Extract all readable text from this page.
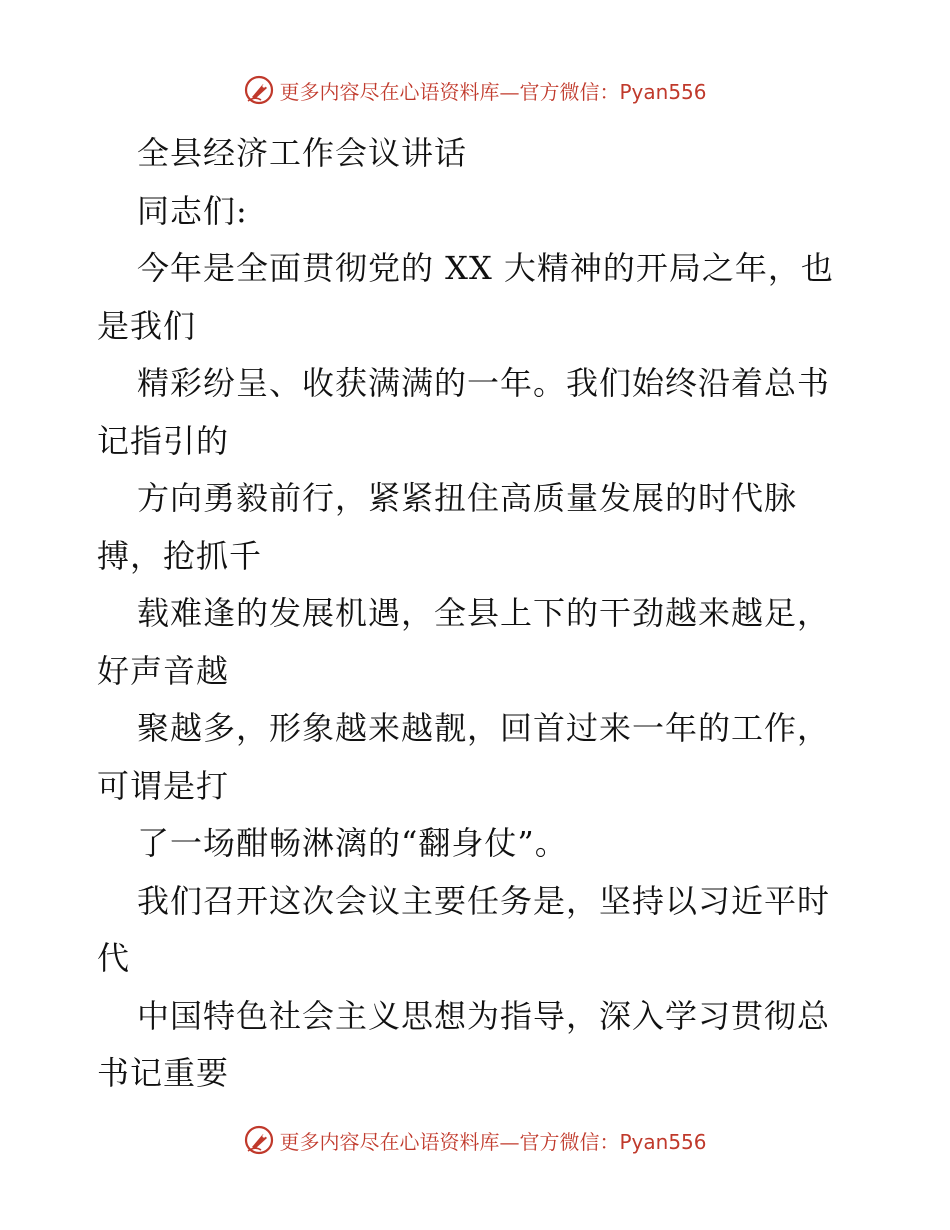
更多内容尽在心语资料库—官方微信：Pyan556
全县经济工作会议讲话
同志们:
今年是全面贯彻党的 XX 大精神的开局之年，也
是我们
精彩纷呈、收获满满的一年。我们始终沿着总书
记指引的
方向勇毅前行，紧紧扭住高质量发展的时代脉
搏，抢抓千
载难逢的发展机遇，全县上下的干劲越来越足，
好声音越
聚越多，形象越来越靓，回首过来一年的工作，
可谓是打
了一场酣畅淋漓的“翻身仗”。
我们召开这次会议主要任务是，坚持以习近平时
代
中国特色社会主义思想为指导，深入学习贯彻总
书记重要
更多内容尽在心语资料库—官方微信：Pyan556
